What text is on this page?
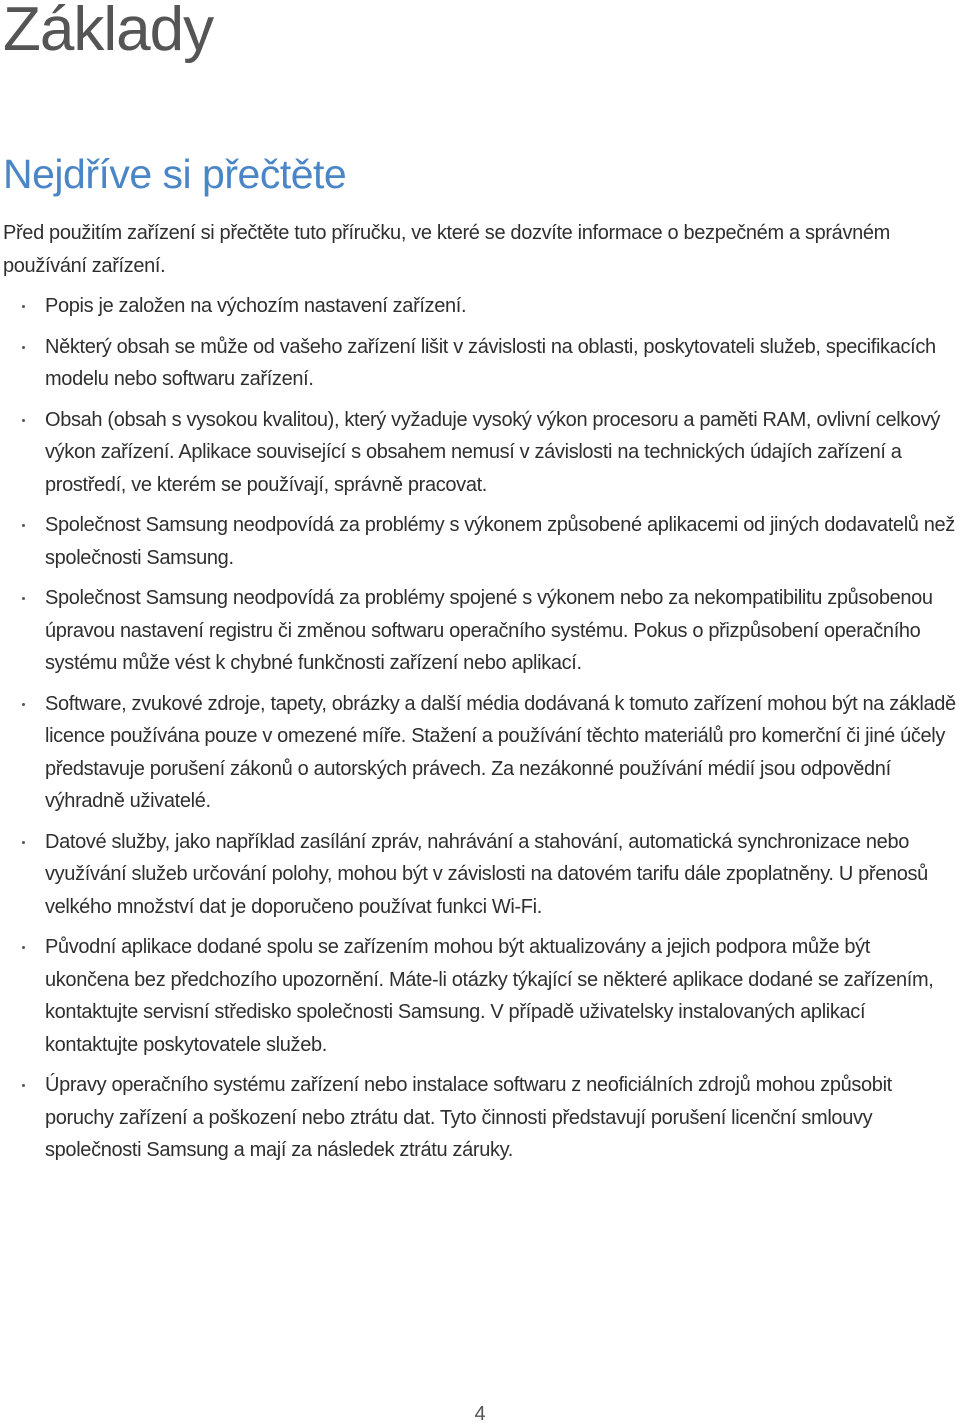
Základy
Nejdříve si přečtěte

Před použitím zařízení si přečtěte tuto příručku, ve které se dozvíte informace o bezpečném a správném používání zařízení.

Popis je založen na výchozím nastavení zařízení.
Některý obsah se může od vašeho zařízení lišit v závislosti na oblasti, poskytovateli služeb, specifikacích modelu nebo softwaru zařízení.
Obsah (obsah s vysokou kvalitou), který vyžaduje vysoký výkon procesoru a paměti RAM, ovlivní celkový výkon zařízení. Aplikace související s obsahem nemusí v závislosti na technických údajích zařízení a prostředí, ve kterém se používají, správně pracovat.
Společnost Samsung neodpovídá za problémy s výkonem způsobené aplikacemi od jiných dodavatelů než společnosti Samsung.
Společnost Samsung neodpovídá za problémy spojené s výkonem nebo za nekompatibilitu způsobenou úpravou nastavení registru či změnou softwaru operačního systému. Pokus o přizpůsobení operačního systému může vést k chybné funkčnosti zařízení nebo aplikací.
Software, zvukové zdroje, tapety, obrázky a další média dodávaná k tomuto zařízení mohou být na základě licence používána pouze v omezené míře. Stažení a používání těchto materiálů pro komerční či jiné účely představuje porušení zákonů o autorských právech. Za nezákonné používání médií jsou odpovědní výhradně uživatelé.
Datové služby, jako například zasílání zpráv, nahrávání a stahování, automatická synchronizace nebo využívání služeb určování polohy, mohou být v závislosti na datovém tarifu dále zpoplatněny. U přenosů velkého množství dat je doporučeno používat funkci Wi-Fi.
Původní aplikace dodané spolu se zařízením mohou být aktualizovány a jejich podpora může být ukončena bez předchozího upozornění. Máte-li otázky týkající se některé aplikace dodané se zařízením, kontaktujte servisní středisko společnosti Samsung. V případě uživatelsky instalovaných aplikací kontaktujte poskytovatele služeb.
Úpravy operačního systému zařízení nebo instalace softwaru z neoficiálních zdrojů mohou způsobit poruchy zařízení a poškození nebo ztrátu dat. Tyto činnosti představují porušení licenční smlouvy společnosti Samsung a mají za následek ztrátu záruky.
4
